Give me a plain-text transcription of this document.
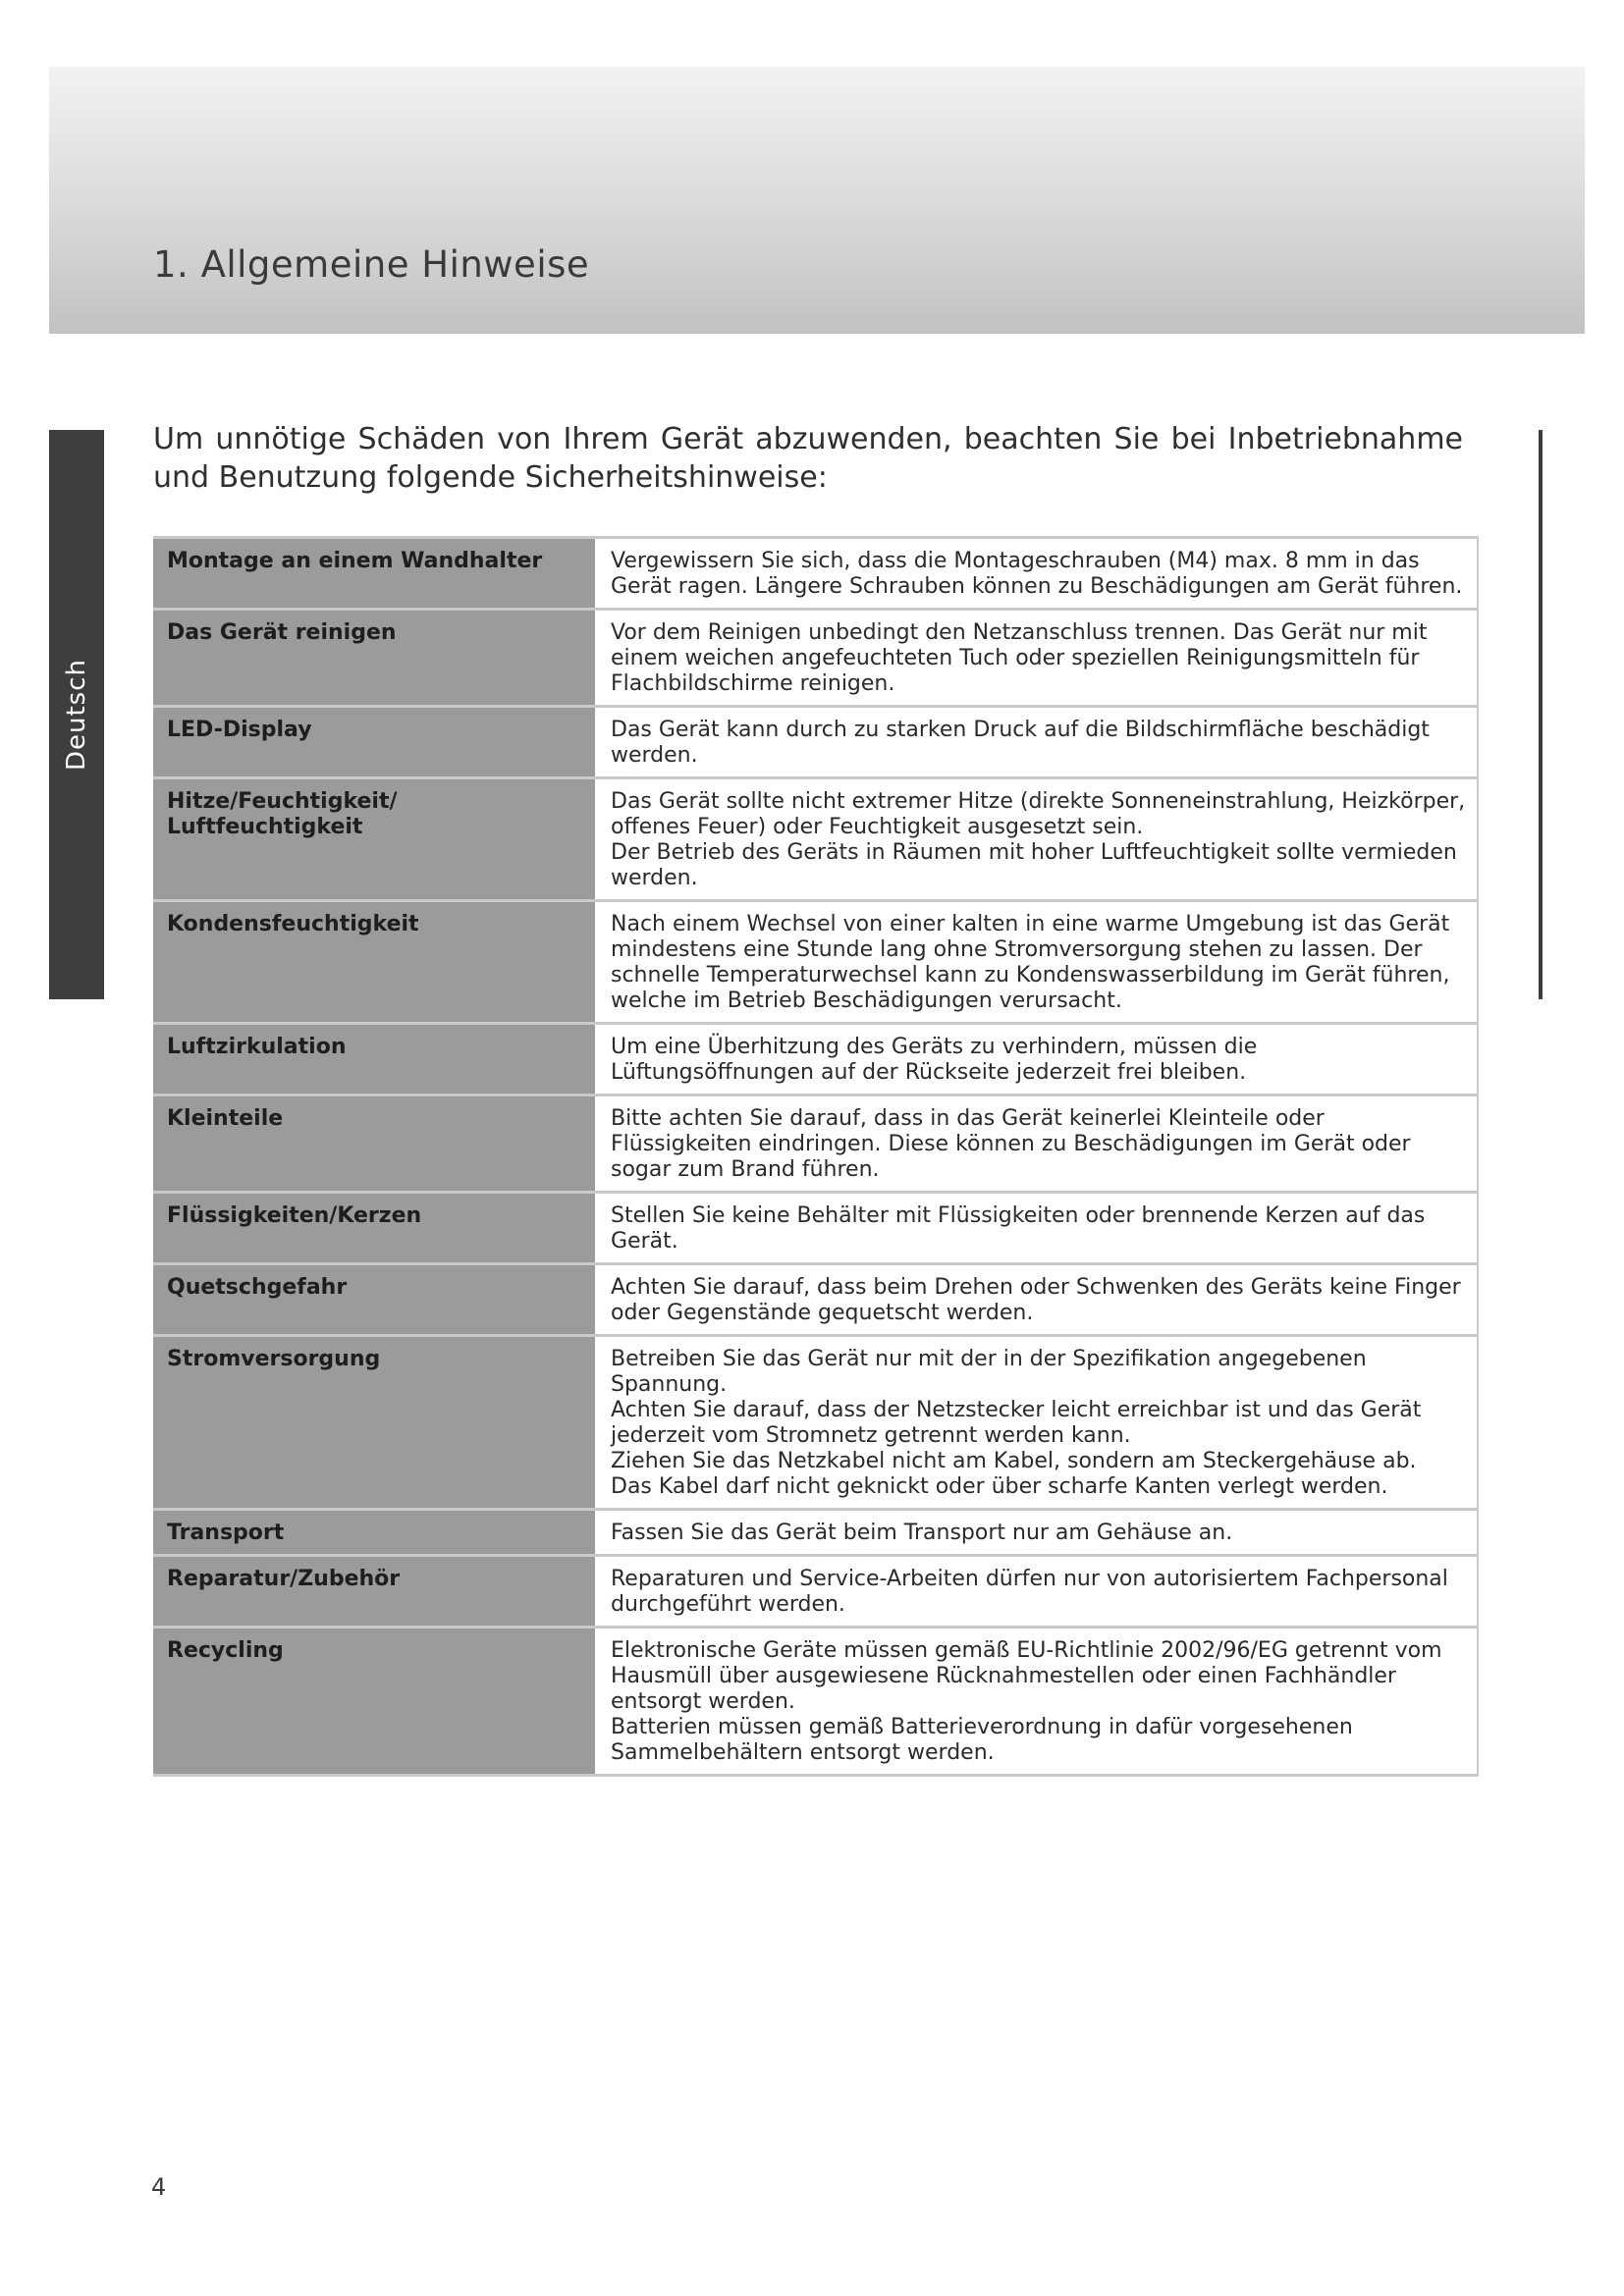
1. Allgemeine Hinweise
Deutsch

Um unnötige Schäden von Ihrem Gerät abzuwenden, beachten Sie bei Inbetriebnahme und Benutzung folgende Sicherheitshinweise:

Montage an einem Wandhalter	Vergewissern Sie sich, dass die Montageschrauben (M4) max. 8 mm in das Gerät ragen. Längere Schrauben können zu Beschädigungen am Gerät führen.

Das Gerät reinigen	Vor dem Reinigen unbedingt den Netzanschluss trennen. Das Gerät nur mit einem weichen angefeuchteten Tuch oder speziellen Reinigungsmitteln für Flachbildschirme reinigen.

LED-Display	Das Gerät kann durch zu starken Druck auf die Bildschirmfläche beschädigt werden.

Hitze/Feuchtigkeit/ Luftfeuchtigkeit	Das Gerät sollte nicht extremer Hitze (direkte Sonneneinstrahlung, Heizkörper, offenes Feuer) oder Feuchtigkeit ausgesetzt sein.
Der Betrieb des Geräts in Räumen mit hoher Luftfeuchtigkeit sollte vermieden werden.

Kondensfeuchtigkeit	Nach einem Wechsel von einer kalten in eine warme Umgebung ist das Gerät mindestens eine Stunde lang ohne Stromversorgung stehen zu lassen. Der schnelle Temperaturwechsel kann zu Kondenswasserbildung im Gerät führen, welche im Betrieb Beschädigungen verursacht.

Luftzirkulation	Um eine Überhitzung des Geräts zu verhindern, müssen die Lüftungsöffnungen auf der Rückseite jederzeit frei bleiben.

Kleinteile	Bitte achten Sie darauf, dass in das Gerät keinerlei Kleinteile oder Flüssigkeiten eindringen. Diese können zu Beschädigungen im Gerät oder sogar zum Brand führen.

Flüssigkeiten/Kerzen	Stellen Sie keine Behälter mit Flüssigkeiten oder brennende Kerzen auf das Gerät.

Quetschgefahr	Achten Sie darauf, dass beim Drehen oder Schwenken des Geräts keine Finger oder Gegenstände gequetscht werden.

Stromversorgung	Betreiben Sie das Gerät nur mit der in der Spezifikation angegebenen Spannung.
Achten Sie darauf, dass der Netzstecker leicht erreichbar ist und das Gerät jederzeit vom Stromnetz getrennt werden kann.
Ziehen Sie das Netzkabel nicht am Kabel, sondern am Steckergehäuse ab.
Das Kabel darf nicht geknickt oder über scharfe Kanten verlegt werden.

Transport	Fassen Sie das Gerät beim Transport nur am Gehäuse an.

Reparatur/Zubehör	Reparaturen und Service-Arbeiten dürfen nur von autorisiertem Fachpersonal durchgeführt werden.

Recycling	Elektronische Geräte müssen gemäß EU-Richtlinie 2002/96/EG getrennt vom Hausmüll über ausgewiesene Rücknahmestellen oder einen Fachhändler entsorgt werden.
Batterien müssen gemäß Batterieverordnung in dafür vorgesehenen Sammelbehältern entsorgt werden.
4
